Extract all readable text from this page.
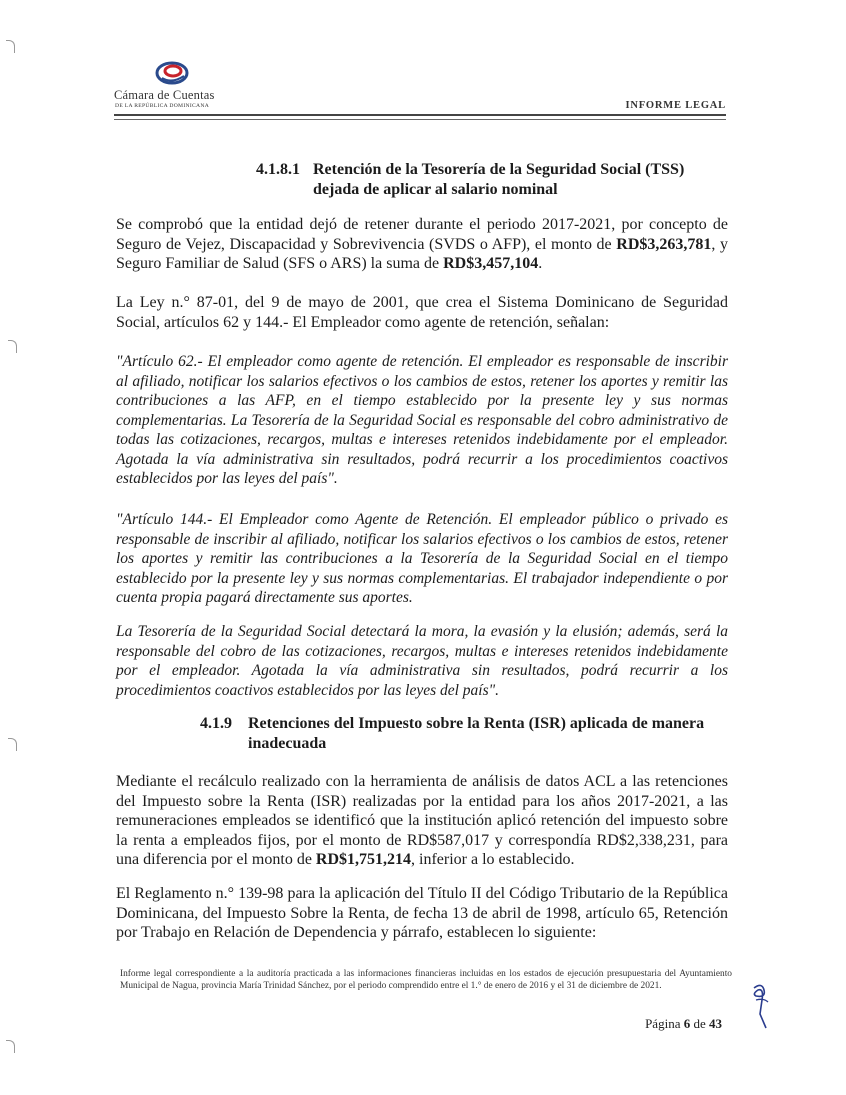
Cámara de Cuentas
DE LA REPÚBLICA DOMINICANA	INFORME LEGAL
4.1.8.1 Retención de la Tesorería de la Seguridad Social (TSS)
dejada de aplicar al salario nominal
Se comprobó que la entidad dejó de retener durante el periodo 2017-2021, por concepto de Seguro de Vejez, Discapacidad y Sobrevivencia (SVDS o AFP), el monto de RD$3,263,781, y Seguro Familiar de Salud (SFS o ARS) la suma de RD$3,457,104.
La Ley n.° 87-01, del 9 de mayo de 2001, que crea el Sistema Dominicano de Seguridad Social, artículos 62 y 144.- El Empleador como agente de retención, señalan:
"Artículo 62.- El empleador como agente de retención. El empleador es responsable de inscribir al afiliado, notificar los salarios efectivos o los cambios de estos, retener los aportes y remitir las contribuciones a las AFP, en el tiempo establecido por la presente ley y sus normas complementarias. La Tesorería de la Seguridad Social es responsable del cobro administrativo de todas las cotizaciones, recargos, multas e intereses retenidos indebidamente por el empleador. Agotada la vía administrativa sin resultados, podrá recurrir a los procedimientos coactivos establecidos por las leyes del país".
"Artículo 144.- El Empleador como Agente de Retención. El empleador público o privado es responsable de inscribir al afiliado, notificar los salarios efectivos o los cambios de estos, retener los aportes y remitir las contribuciones a la Tesorería de la Seguridad Social en el tiempo establecido por la presente ley y sus normas complementarias. El trabajador independiente o por cuenta propia pagará directamente sus aportes.
La Tesorería de la Seguridad Social detectará la mora, la evasión y la elusión; además, será la responsable del cobro de las cotizaciones, recargos, multas e intereses retenidos indebidamente por el empleador. Agotada la vía administrativa sin resultados, podrá recurrir a los procedimientos coactivos establecidos por las leyes del país".
4.1.9 Retenciones del Impuesto sobre la Renta (ISR) aplicada de manera
inadecuada
Mediante el recálculo realizado con la herramienta de análisis de datos ACL a las retenciones del Impuesto sobre la Renta (ISR) realizadas por la entidad para los años 2017-2021, a las remuneraciones empleados se identificó que la institución aplicó retención del impuesto sobre la renta a empleados fijos, por el monto de RD$587,017 y correspondía RD$2,338,231, para una diferencia por el monto de RD$1,751,214, inferior a lo establecido.
El Reglamento n.° 139-98 para la aplicación del Título II del Código Tributario de la República Dominicana, del Impuesto Sobre la Renta, de fecha 13 de abril de 1998, artículo 65, Retención por Trabajo en Relación de Dependencia y párrafo, establecen lo siguiente:
Informe legal correspondiente a la auditoría practicada a las informaciones financieras incluidas en los estados de ejecución presupuestaria del Ayuntamiento Municipal de Nagua, provincia María Trinidad Sánchez, por el periodo comprendido entre el 1.° de enero de 2016 y el 31 de diciembre de 2021.
Página 6 de 43
